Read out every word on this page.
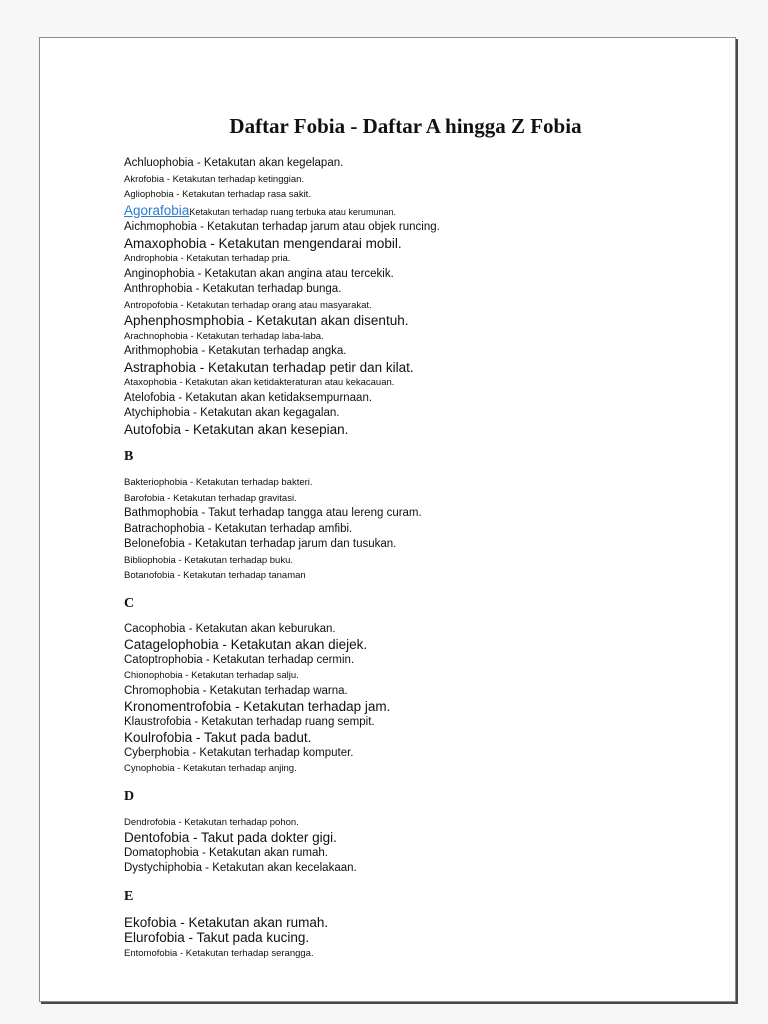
Daftar Fobia - Daftar A hingga Z Fobia
Achluophobia - Ketakutan akan kegelapan.
Akrofobia - Ketakutan terhadap ketinggian.
Agliophobia - Ketakutan terhadap rasa sakit.
AgorafobiaKetakutan terhadap ruang terbuka atau kerumunan.
Aichmophobia - Ketakutan terhadap jarum atau objek runcing.
Amaxophobia - Ketakutan mengendarai mobil.
Androphobia - Ketakutan terhadap pria.
Anginophobia - Ketakutan akan angina atau tercekik.
Anthrophobia - Ketakutan terhadap bunga.
Antropofobia - Ketakutan terhadap orang atau masyarakat.
Aphenphosmphobia - Ketakutan akan disentuh.
Arachnophobia - Ketakutan terhadap laba-laba.
Arithmophobia - Ketakutan terhadap angka.
Astraphobia - Ketakutan terhadap petir dan kilat.
Ataxophobia - Ketakutan akan ketidakteraturan atau kekacauan.
Atelofobia - Ketakutan akan ketidaksempurnaan.
Atychiphobia - Ketakutan akan kegagalan.
Autofobia - Ketakutan akan kesepian.
B
Bakteriophobia - Ketakutan terhadap bakteri.
Barofobia - Ketakutan terhadap gravitasi.
Bathmophobia - Takut terhadap tangga atau lereng curam.
Batrachophobia - Ketakutan terhadap amfibi.
Belonefobia - Ketakutan terhadap jarum dan tusukan.
Bibliophobia - Ketakutan terhadap buku.
Botanofobia - Ketakutan terhadap tanaman
C
Cacophobia - Ketakutan akan keburukan.
Catagelophobia - Ketakutan akan diejek.
Catoptrophobia - Ketakutan terhadap cermin.
Chionophobia - Ketakutan terhadap salju.
Chromophobia - Ketakutan terhadap warna.
Kronomentrofobia - Ketakutan terhadap jam.
Klaustrofobia - Ketakutan terhadap ruang sempit.
Koulrofobia - Takut pada badut.
Cyberphobia - Ketakutan terhadap komputer.
Cynophobia - Ketakutan terhadap anjing.
D
Dendrofobia - Ketakutan terhadap pohon.
Dentofobia - Takut pada dokter gigi.
Domatophobia - Ketakutan akan rumah.
Dystychiphobia - Ketakutan akan kecelakaan.
E
Ekofobia - Ketakutan akan rumah.
Elurofobia - Takut pada kucing.
Entomofobia - Ketakutan terhadap serangga.
